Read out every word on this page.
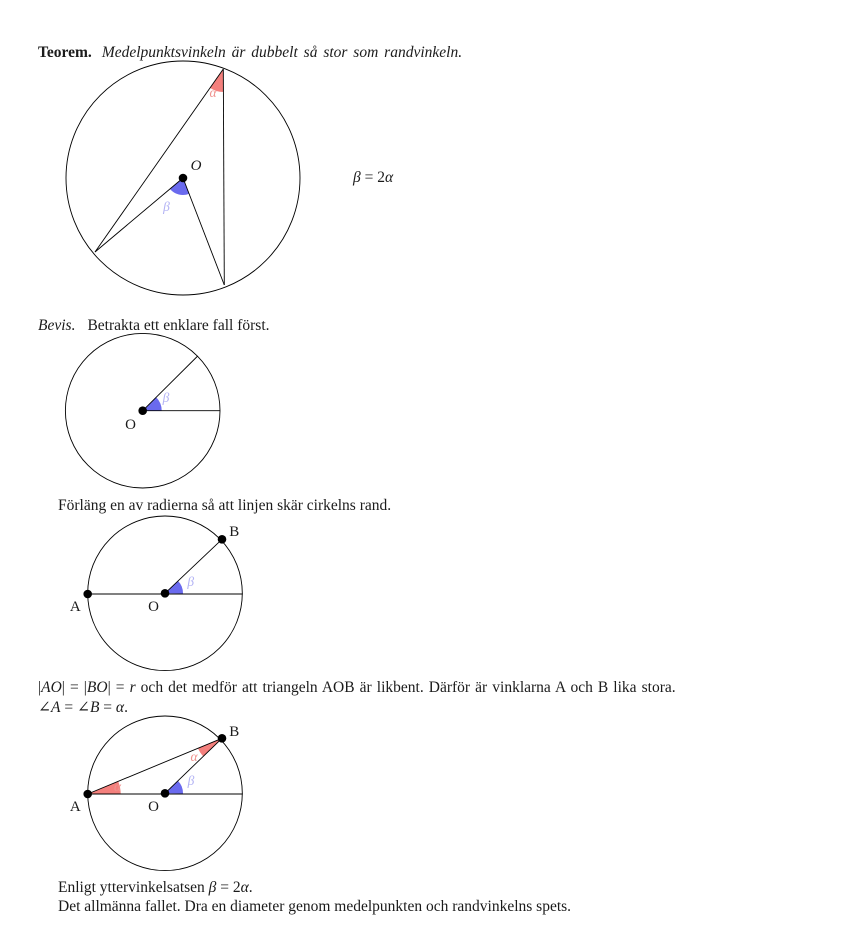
O
α
β
O
β
A	O
B
β
A	O
B
α
α
β
Teorem. Medelpunktsvinkeln är dubbelt så stor som randvinkeln.
β = 2α
Bevis. Betrakta ett enklare fall först.
Förläng en av radierna så att linjen skär cirkelns rand.
|AO| = |BO| = r och det medför att triangeln AOB är likbent. Därför är vinklarna A och B lika stora.
∠A = ∠B = α.
Enligt yttervinkelsatsen β = 2α.
Det allmänna fallet. Dra en diameter genom medelpunkten och randvinkelns spets.
